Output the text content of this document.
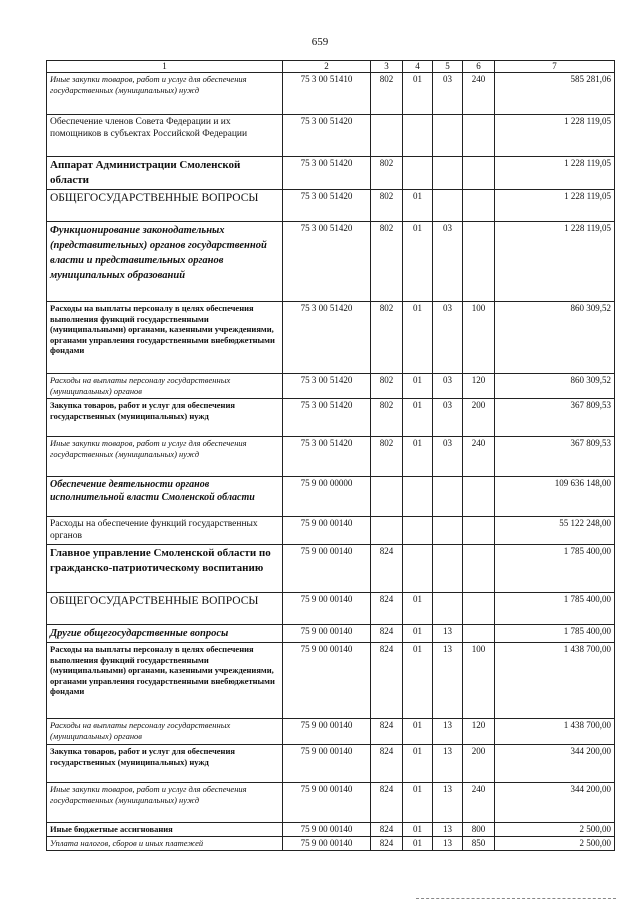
659
1	2	3	4	5	6	7
Иные закупки товаров, работ и услуг для обеспечения государственных (муниципальных) нужд	75 3 00 51410	802	01	03	240	585 281,06
Обеспечение членов Совета Федерации и их помощников в субъектах Российской Федерации	75 3 00 51420					1 228 119,05
Аппарат Администрации Смоленской области	75 3 00 51420	802				1 228 119,05
ОБЩЕГОСУДАРСТВЕННЫЕ ВОПРОСЫ	75 3 00 51420	802	01			1 228 119,05
Функционирование законодательных (представительных) органов государственной власти и представительных органов муниципальных образований	75 3 00 51420	802	01	03		1 228 119,05
Расходы на выплаты персоналу в целях обеспечения выполнения функций государственными (муниципальными) органами, казенными учреждениями, органами управления государственными внебюджетными фондами	75 3 00 51420	802	01	03	100	860 309,52
Расходы на выплаты персоналу государственных (муниципальных) органов	75 3 00 51420	802	01	03	120	860 309,52
Закупка товаров, работ и услуг для обеспечения государственных (муниципальных) нужд	75 3 00 51420	802	01	03	200	367 809,53
Иные закупки товаров, работ и услуг для обеспечения государственных (муниципальных) нужд	75 3 00 51420	802	01	03	240	367 809,53
Обеспечение деятельности органов исполнительной власти Смоленской области	75 9 00 00000					109 636 148,00
Расходы на обеспечение функций государственных органов	75 9 00 00140					55 122 248,00
Главное управление Смоленской области по гражданско-патриотическому воспитанию	75 9 00 00140	824				1 785 400,00
ОБЩЕГОСУДАРСТВЕННЫЕ ВОПРОСЫ	75 9 00 00140	824	01			1 785 400,00
Другие общегосударственные вопросы	75 9 00 00140	824	01	13		1 785 400,00
Расходы на выплаты персоналу в целях обеспечения выполнения функций государственными (муниципальными) органами, казенными учреждениями, органами управления государственными внебюджетными фондами	75 9 00 00140	824	01	13	100	1 438 700,00
Расходы на выплаты персоналу государственных (муниципальных) органов	75 9 00 00140	824	01	13	120	1 438 700,00
Закупка товаров, работ и услуг для обеспечения государственных (муниципальных) нужд	75 9 00 00140	824	01	13	200	344 200,00
Иные закупки товаров, работ и услуг для обеспечения государственных (муниципальных) нужд	75 9 00 00140	824	01	13	240	344 200,00
Иные бюджетные ассигнования	75 9 00 00140	824	01	13	800	2 500,00
Уплата налогов, сборов и иных платежей	75 9 00 00140	824	01	13	850	2 500,00
